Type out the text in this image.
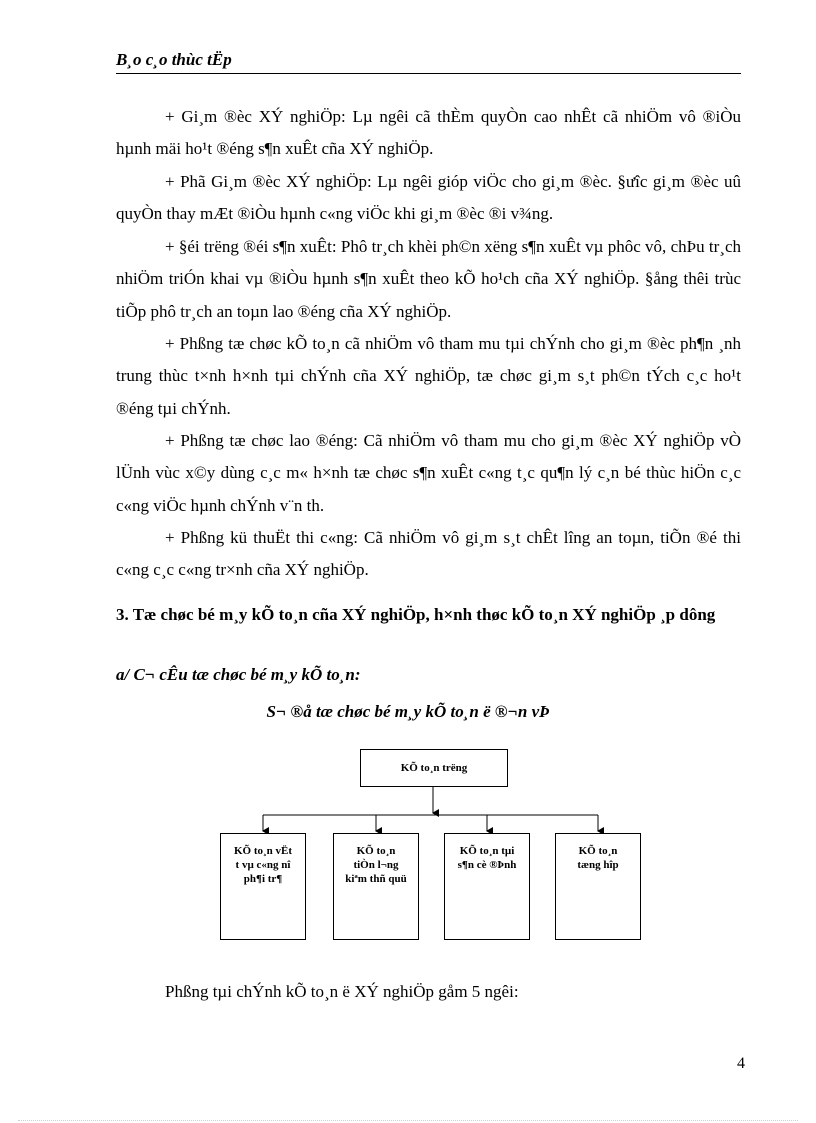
B¸o c¸o thùc tËp

+ Gi¸m ®èc XÝ nghiÖp: Lµ ngêi cã thÈm quyÒn cao nhÊt cã nhiÖm vô ®iÒu hµnh mäi ho¹t ®éng s¶n xuÊt cña XÝ nghiÖp.

+ Phã Gi¸m ®èc XÝ nghiÖp: Lµ ngêi gióp viÖc cho gi¸m ®èc. §ưîc gi¸m ®èc uû quyÒn thay mÆt ®iÒu hµnh c«ng viÖc khi gi¸m ®èc ®i v¾ng.

+ §éi trëng ®éi s¶n xuÊt: Phô tr¸ch khèi ph©n xëng s¶n xuÊt vµ phôc vô, chÞu tr¸ch nhiÖm triÓn khai vµ ®iÒu hµnh s¶n xuÊt theo kÕ ho¹ch cña XÝ nghiÖp. §ång thêi trùc tiÕp phô tr¸ch an toµn lao ®éng cña XÝ nghiÖp.

+ Phßng tæ chøc kÕ to¸n cã nhiÖm vô tham mu tµi chÝnh cho gi¸m ®èc ph¶n ¸nh trung thùc t×nh h×nh tµi chÝnh cña XÝ nghiÖp, tæ chøc gi¸m s¸t ph©n tÝch c¸c ho¹t ®éng tµi chÝnh.

+ Phßng tæ chøc lao ®éng: Cã nhiÖm vô tham mu cho gi¸m ®èc XÝ nghiÖp vÒ lÜnh vùc x©y dùng c¸c m« h×nh tæ chøc s¶n xuÊt c«ng t¸c qu¶n lý c¸n bé thùc hiÖn c¸c c«ng viÖc hµnh chÝnh v¨n th.

+ Phßng kü thuËt thi c«ng: Cã nhiÖm vô gi¸m s¸t chÊt lîng an toµn, tiÕn ®é thi c«ng c¸c c«ng tr×nh cña XÝ nghiÖp.

3. Tæ chøc bé m¸y kÕ to¸n cña XÝ nghiÖp, h×nh thøc kÕ to¸n XÝ nghiÖp ¸p dông

a/ C¬ cÊu tæ chøc bé m¸y kÕ to¸n:

S¬ ®å tæ chøc bé m¸y kÕ to¸n ë ®¬n vÞ
KÕ to¸n trëng
KÕ to¸n vËt t vµ c«ng nî ph¶i tr¶
KÕ to¸n tiÒn l¬ng kiªm thñ quü
KÕ to¸n tµi s¶n cè ®Þnh
KÕ to¸n tæng hîp
Phßng tµi chÝnh kÕ to¸n ë XÝ nghiÖp gåm 5 ngêi:
4
